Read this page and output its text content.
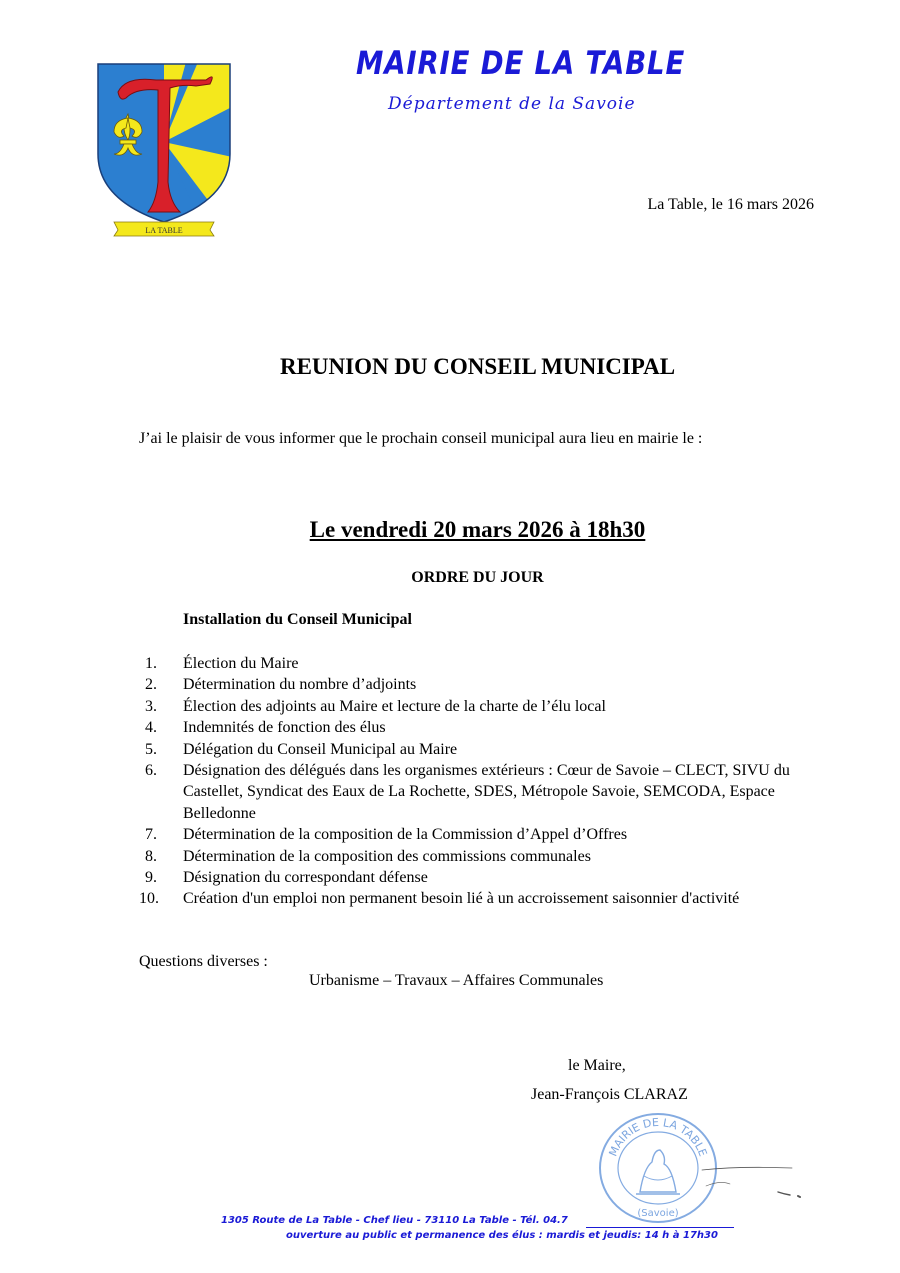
LA TABLE
MAIRIE DE LA TABLE
Département de la Savoie
La Table, le 16 mars 2026
REUNION DU CONSEIL MUNICIPAL
J’ai le plaisir de vous informer que le prochain conseil municipal aura lieu en mairie le :
Le vendredi 20 mars 2026 à 18h30
ORDRE DU JOUR
Installation du Conseil Municipal
1.	Élection du Maire
2.	Détermination du nombre d’adjoints
3.	Élection des adjoints au Maire et lecture de la charte de l’élu local
4.	Indemnités de fonction des élus
5.	Délégation du Conseil Municipal au Maire
6.	Désignation des délégués dans les organismes extérieurs : Cœur de Savoie – CLECT, SIVU du Castellet, Syndicat des Eaux de La Rochette, SDES, Métropole Savoie, SEMCODA, Espace Belledonne
7.	Détermination de la composition de la Commission d’Appel d’Offres
8.	Détermination de la composition des commissions communales
9.	Désignation du correspondant défense
10.	Création d'un emploi non permanent besoin lié à un accroissement saisonnier d'activité
Questions diverses :
Urbanisme – Travaux – Affaires Communales
le Maire,
Jean-François CLARAZ
MAIRIE DE LA TABLE
(Savoie)
1305 Route de La Table - Chef lieu - 73110 La Table - Tél. 04.7
ouverture au public et permanence des élus : mardis et jeudis: 14 h à 17h30
